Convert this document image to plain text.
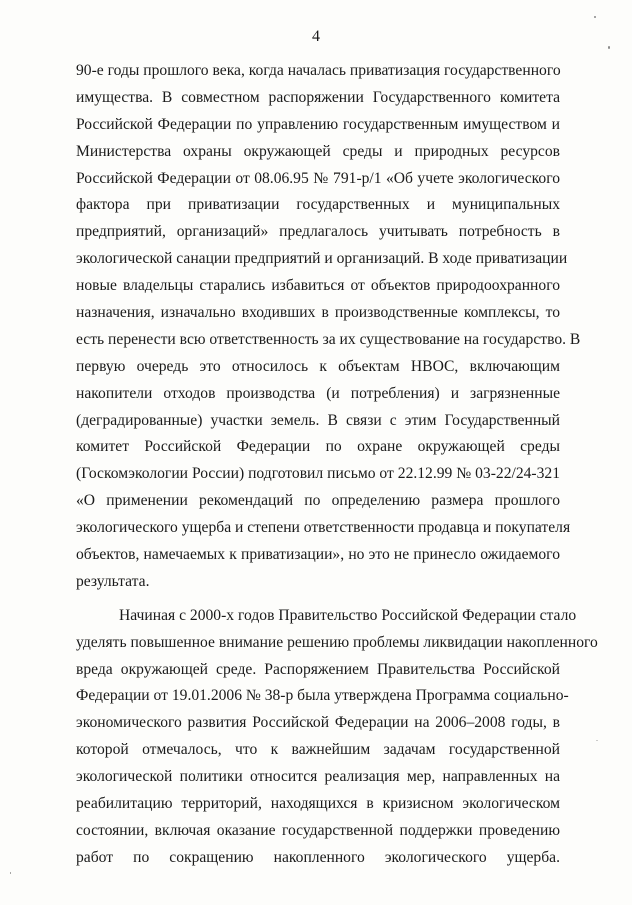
4
90-е годы прошлого века, когда началась приватизация государственного
имущества. В совместном распоряжении Государственного комитета
Российской Федерации по управлению государственным имуществом и
Министерства охраны окружающей среды и природных ресурсов
Российской Федерации от 08.06.95 № 791-р/1 «Об учете экологического
фактора при приватизации государственных и муниципальных
предприятий, организаций» предлагалось учитывать потребность в
экологической санации предприятий и организаций. В ходе приватизации
новые владельцы старались избавиться от объектов природоохранного
назначения, изначально входивших в производственные комплексы, то
есть перенести всю ответственность за их существование на государство. В
первую очередь это относилось к объектам НВОС, включающим
накопители отходов производства (и потребления) и загрязненные
(деградированные) участки земель. В связи с этим Государственный
комитет Российской Федерации по охране окружающей среды
(Госкомэкологии России) подготовил письмо от 22.12.99 № 03-22/24-321
«О применении рекомендаций по определению размера прошлого
экологического ущерба и степени ответственности продавца и покупателя
объектов, намечаемых к приватизации», но это не принесло ожидаемого
результата.
Начиная с 2000-х годов Правительство Российской Федерации стало
уделять повышенное внимание решению проблемы ликвидации накопленного
вреда окружающей среде. Распоряжением Правительства Российской
Федерации от 19.01.2006 № 38-р была утверждена Программа социально-
экономического развития Российской Федерации на 2006–2008 годы, в
которой отмечалось, что к важнейшим задачам государственной
экологической политики относится реализация мер, направленных на
реабилитацию территорий, находящихся в кризисном экологическом
состоянии, включая оказание государственной поддержки проведению
работ по сокращению накопленного экологического ущерба.
